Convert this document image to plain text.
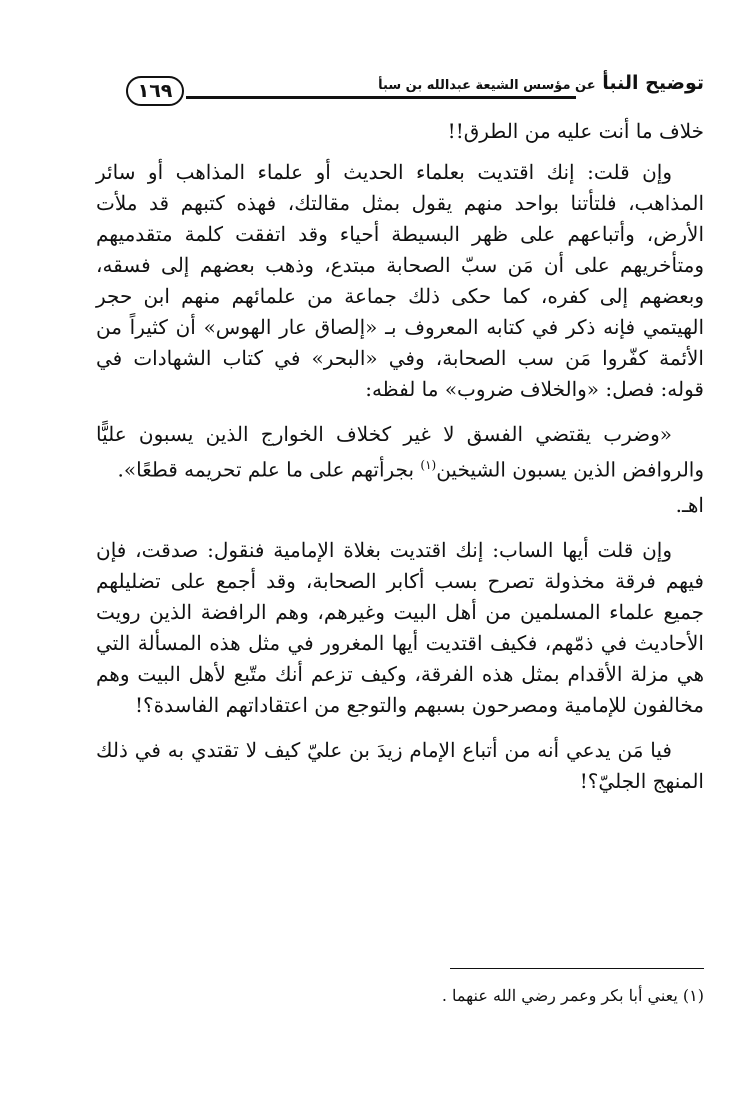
توضيح النبأ عن مؤسس الشيعة عبدالله بن سبأ
١٦٩

خلاف ما أنت عليه من الطرق!!

وإن قلت: إنك اقتديت بعلماء الحديث أو علماء المذاهب أو سائر المذاهب، فلتأتنا بواحد منهم يقول بمثل مقالتك، فهذه كتبهم قد ملأت الأرض، وأتباعهم على ظهر البسيطة أحياء وقد اتفقت كلمة متقدميهم ومتأخريهم على أن مَن سبّ الصحابة مبتدع، وذهب بعضهم إلى فسقه، وبعضهم إلى كفره، كما حكى ذلك جماعة من علمائهم منهم ابن حجر الهيتمي فإنه ذكر في كتابه المعروف بـ «إلصاق عار الهوس» أن كثيراً من الأئمة كفّروا مَن سب الصحابة، وفي «البحر» في كتاب الشهادات في قوله: فصل: «والخلاف ضروب» ما لفظه:

«وضرب يقتضي الفسق لا غير كخلاف الخوارج الذين يسبون عليًّا والروافض الذين يسبون الشيخين$^{(١)}$ بجرأتهم على ما علم تحريمه قطعًا».

اهـ.

وإن قلت أيها الساب: إنك اقتديت بغلاة الإمامية فنقول: صدقت، فإن فيهم فرقة مخذولة تصرح بسب أكابر الصحابة، وقد أجمع على تضليلهم جميع علماء المسلمين من أهل البيت وغيرهم، وهم الرافضة الذين رويت الأحاديث في ذمّهم، فكيف اقتديت أيها المغرور في مثل هذه المسألة التي هي مزلة الأقدام بمثل هذه الفرقة، وكيف تزعم أنك متّبع لأهل البيت وهم مخالفون للإمامية ومصرحون بسبهم والتوجع من اعتقاداتهم الفاسدة؟!

فيا مَن يدعي أنه من أتباع الإمام زيدَ بن عليّ كيف لا تقتدي به في ذلك المنهج الجليّ؟!

(١) يعني أبا بكر وعمر رضي الله عنهما .
